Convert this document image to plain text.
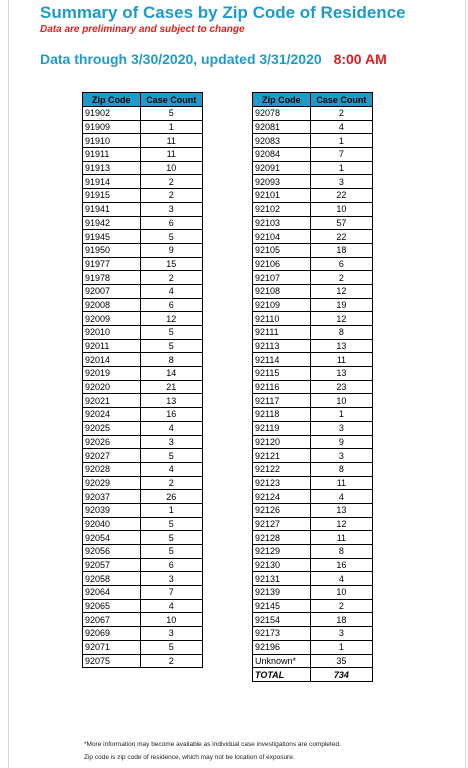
Summary of Cases by Zip Code of Residence
Data are preliminary and subject to change
Data through 3/30/2020, updated 3/31/2020 8:00 AM
Zip Code	Case Count
91902	5
91909	1
91910	11
91911	11
91913	10
91914	2
91915	2
91941	3
91942	6
91945	5
91950	9
91977	15
91978	2
92007	4
92008	6
92009	12
92010	5
92011	5
92014	8
92019	14
92020	21
92021	13
92024	16
92025	4
92026	3
92027	5
92028	4
92029	2
92037	26
92039	1
92040	5
92054	5
92056	5
92057	6
92058	3
92064	7
92065	4
92067	10
92069	3
92071	5
92075	2
Zip Code	Case Count
92078	2
92081	4
92083	1
92084	7
92091	1
92093	3
92101	22
92102	10
92103	57
92104	22
92105	18
92106	6
92107	2
92108	12
92109	19
92110	12
92111	8
92113	13
92114	11
92115	13
92116	23
92117	10
92118	1
92119	3
92120	9
92121	3
92122	8
92123	11
92124	4
92126	13
92127	12
92128	11
92129	8
92130	16
92131	4
92139	10
92145	2
92154	18
92173	3
92196	1
Unknown*	35
TOTAL	734
*More information may become available as individual case investigations are completed.
Zip code is zip code of residence, which may not be location of exposure.
